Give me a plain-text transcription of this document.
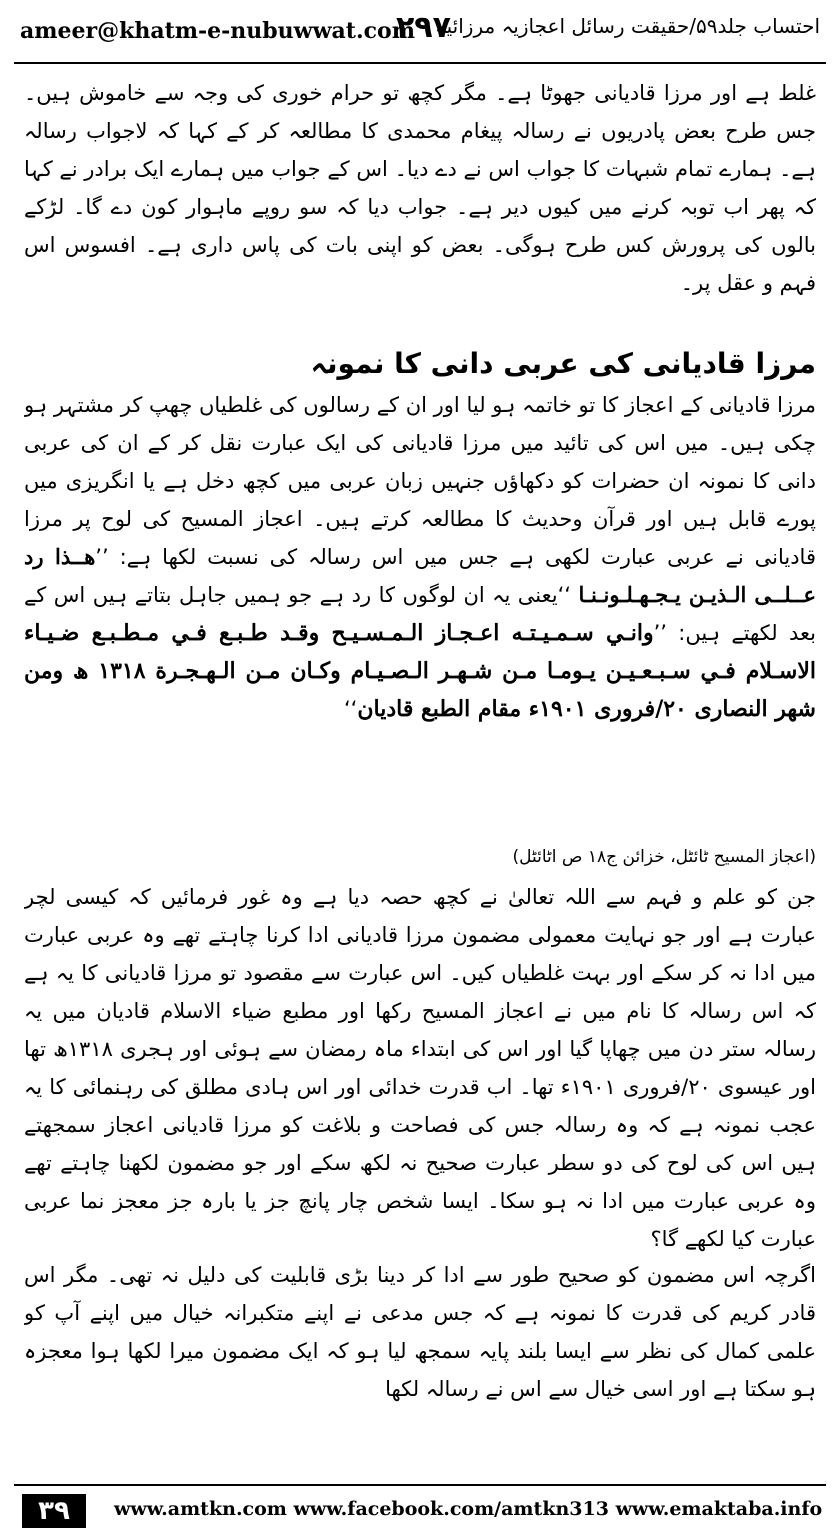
ameer@khatm-e-nubuwwat.com
۲۹۷
احتساب جلد۵۹/حقیقت رسائل اعجازیہ مرزائیہ

غلط ہے اور مرزا قادیانی جھوٹا ہے۔ مگر کچھ تو حرام خوری کی وجہ سے خاموش ہیں۔ جس طرح بعض پادریوں نے رسالہ پیغام محمدی کا مطالعہ کر کے کہا کہ لاجواب رسالہ ہے۔ ہمارے تمام شبہات کا جواب اس نے دے دیا۔ اس کے جواب میں ہمارے ایک برادر نے کہا کہ پھر اب توبہ کرنے میں کیوں دیر ہے۔ جواب دیا کہ سو روپے ماہوار کون دے گا۔ لڑکے بالوں کی پرورش کس طرح ہوگی۔ بعض کو اپنی بات کی پاس داری ہے۔ افسوس اس فہم و عقل پر۔

مرزا قادیانی کی عربی دانی کا نمونہ

مرزا قادیانی کے اعجاز کا تو خاتمہ ہو لیا اور ان کے رسالوں کی غلطیاں چھپ کر مشتہر ہو چکی ہیں۔ میں اس کی تائید میں مرزا قادیانی کی ایک عبارت نقل کر کے ان کی عربی دانی کا نمونہ ان حضرات کو دکھاؤں جنہیں زبان عربی میں کچھ دخل ہے یا انگریزی میں پورے قابل ہیں اور قرآن وحدیث کا مطالعہ کرتے ہیں۔ اعجاز المسیح کی لوح پر مرزا قادیانی نے عربی عبارت لکھی ہے جس میں اس رسالہ کی نسبت لکھا ہے: ’’هــذا رد عــلــى الـذيـن يـجـهـلـونـنـا ‘‘یعنی یہ ان لوگوں کا رد ہے جو ہمیں جاہل بتاتے ہیں اس کے بعد لکھتے ہیں: ’’وانـي سـمـيـتـه اعـجـاز الـمـسـيـح وقـد طـبـع فـي مـطـبـع ضـيـاء الاسـلام فـي سـبـعـيـن يـومـا مـن شـهـر الـصـيـام وكـان مـن الـهـجـرة ۱۳۱۸ ھ ومن شهر النصارى ۲۰/فروری ۱۹۰۱ء مقام الطبع قاديان‘‘

(اعجاز المسیح ٹائٹل، خزائن ج۱۸ ص اٹائٹل)

جن کو علم و فہم سے اللہ تعالیٰ نے کچھ حصہ دیا ہے وہ غور فرمائیں کہ کیسی لچر عبارت ہے اور جو نہایت معمولی مضمون مرزا قادیانی ادا کرنا چاہتے تھے وہ عربی عبارت میں ادا نہ کر سکے اور بہت غلطیاں کیں۔ اس عبارت سے مقصود تو مرزا قادیانی کا یہ ہے کہ اس رسالہ کا نام میں نے اعجاز المسیح رکھا اور مطبع ضیاء الاسلام قادیان میں یہ رسالہ ستر دن میں چھاپا گیا اور اس کی ابتداء ماہ رمضان سے ہوئی اور ہجری ۱۳۱۸ھ تھا اور عیسوی ۲۰/فروری ۱۹۰۱ء تھا۔ اب قدرت خدائی اور اس ہادی مطلق کی رہنمائی کا یہ عجب نمونہ ہے کہ وہ رسالہ جس کی فصاحت و بلاغت کو مرزا قادیانی اعجاز سمجھتے ہیں اس کی لوح کی دو سطر عبارت صحیح نہ لکھ سکے اور جو مضمون لکھنا چاہتے تھے وہ عربی عبارت میں ادا نہ ہو سکا۔ ایسا شخص چار پانچ جز یا بارہ جز معجز نما عربی عبارت کیا لکھے گا؟

اگرچہ اس مضمون کو صحیح طور سے ادا کر دینا بڑی قابلیت کی دلیل نہ تھی۔ مگر اس قادر کریم کی قدرت کا نمونہ ہے کہ جس مدعی نے اپنے متکبرانہ خیال میں اپنے آپ کو علمی کمال کی نظر سے ایسا بلند پایہ سمجھ لیا ہو کہ ایک مضمون میرا لکھا ہوا معجزہ ہو سکتا ہے اور اسی خیال سے اس نے رسالہ لکھا

۳۹	www.amtkn.com www.facebook.com/amtkn313 www.emaktaba.info
